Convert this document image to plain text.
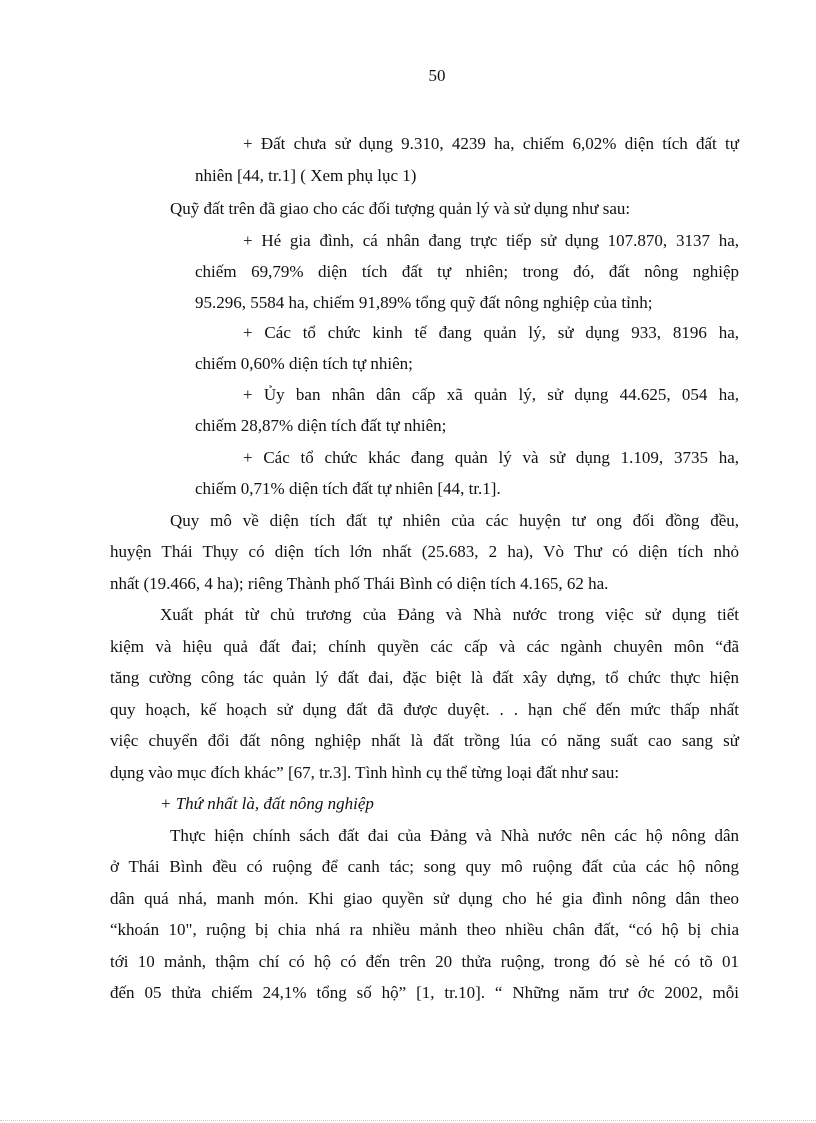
50
+ Đất chưa sử dụng 9.310, 4239 ha, chiếm 6,02% diện tích đất tự
nhiên [44, tr.1] ( Xem phụ lục 1)
Quỹ đất trên đã giao cho các đối tượng quản lý và sử dụng như sau:
+ Hé gia đình, cá nhân đang trực tiếp sử dụng 107.870, 3137 ha,
chiếm 69,79% diện tích đất tự nhiên; trong đó, đất nông nghiệp
95.296, 5584 ha, chiếm 91,89% tổng quỹ đất nông nghiệp của tỉnh;
+ Các tổ chức kinh tế đang quản lý, sử dụng 933, 8196 ha,
chiếm 0,60% diện tích tự nhiên;
+ Ủy ban nhân dân cấp xã quản lý, sử dụng 44.625, 054 ha,
chiếm 28,87% diện tích đất tự nhiên;
+ Các tổ chức khác đang quản lý và sử dụng 1.109, 3735 ha,
chiếm 0,71% diện tích đất tự nhiên [44, tr.1].
Quy mô về diện tích đất tự nhiên của các huyện tư ong đối đồng đều,
huyện Thái Thụy có diện tích lớn nhất (25.683, 2 ha), Vò Thư có diện tích nhỏ
nhất (19.466, 4 ha); riêng Thành phố Thái Bình có diện tích 4.165, 62 ha.
Xuất phát từ chủ trương của Đảng và Nhà nước trong việc sử dụng tiết
kiệm và hiệu quả đất đai; chính quyền các cấp và các ngành chuyên môn “đã
tăng cường công tác quản lý đất đai, đặc biệt là đất xây dựng, tổ chức thực hiện
quy hoạch, kế hoạch sử dụng đất đã được duyệt. . . hạn chế đến mức thấp nhất
việc chuyển đổi đất nông nghiệp nhất là đất trồng lúa có năng suất cao sang sử
dụng vào mục đích khác” [67, tr.3]. Tình hình cụ thể từng loại đất như sau:
+ Thứ nhất là, đất nông nghiệp
Thực hiện chính sách đất đai của Đảng và Nhà nước nên các hộ nông dân
ở Thái Bình đều có ruộng để canh tác; song quy mô ruộng đất của các hộ nông
dân quá nhá, manh món. Khi giao quyền sử dụng cho hé gia đình nông dân theo
“khoán 10", ruộng bị chia nhá ra nhiều mảnh theo nhiều chân đất, “có hộ bị chia
tới 10 mảnh, thậm chí có hộ có đến trên 20 thửa ruộng, trong đó sè hé có tõ 01
đến 05 thửa chiếm 24,1% tổng số hộ” [1, tr.10]. “ Những năm trư ớc 2002, mỗi
